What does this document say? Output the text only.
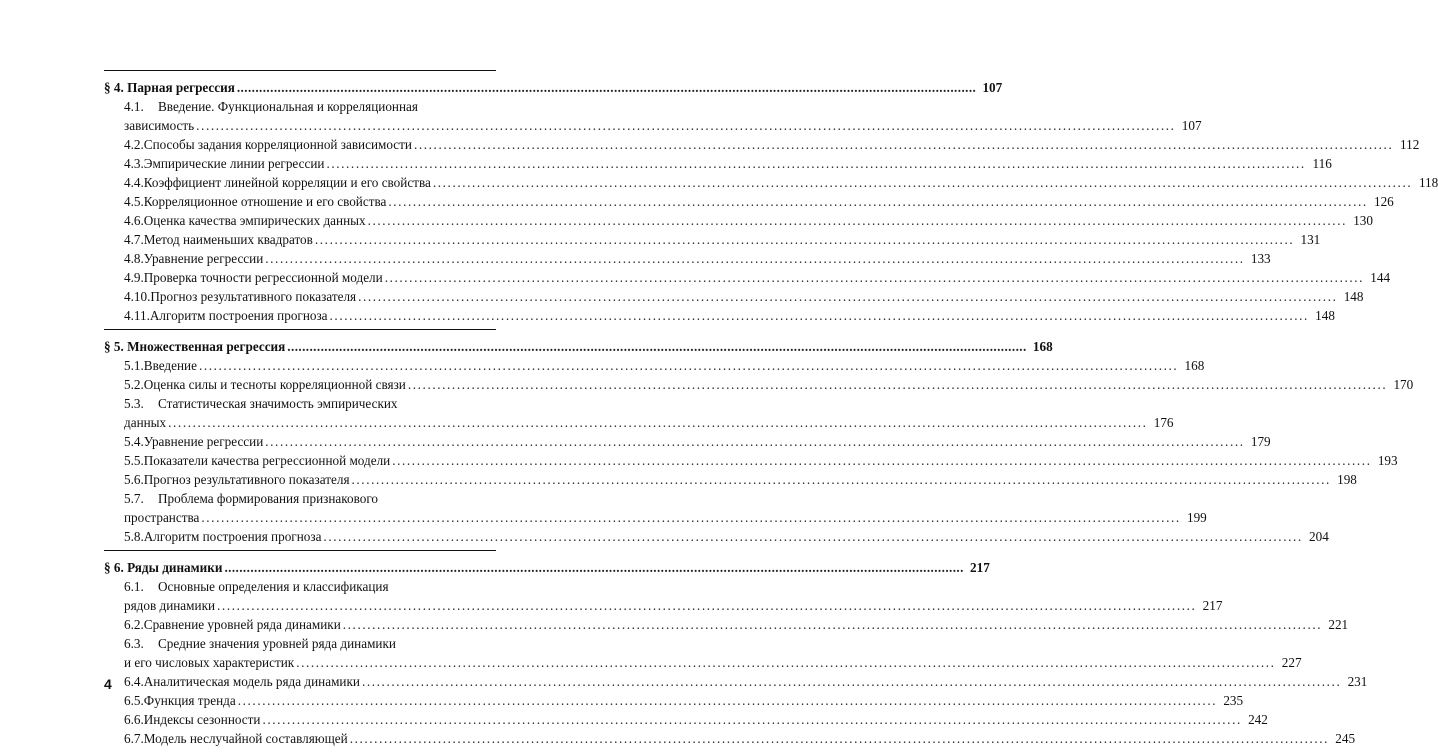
§ 4. Парная регрессия ........................................................................................................................................................................................................ 107
4.1.	Введение. Функциональная и корреляционная
зависимость ........................................................................................................................................................................................................ 107
4.2. Способы задания корреляционной зависимости ........................................................................................................................................................................................................ 112
4.3. Эмпирические линии регрессии ........................................................................................................................................................................................................ 116
4.4. Коэффициент линейной корреляции и его свойства ........................................................................................................................................................................................................ 118
4.5. Корреляционное отношение и его свойства ........................................................................................................................................................................................................ 126
4.6. Оценка качества эмпирических данных ........................................................................................................................................................................................................ 130
4.7. Метод наименьших квадратов ........................................................................................................................................................................................................ 131
4.8. Уравнение регрессии ........................................................................................................................................................................................................ 133
4.9. Проверка точности регрессионной модели ........................................................................................................................................................................................................ 144
4.10. Прогноз результативного показателя ........................................................................................................................................................................................................ 148
4.11. Алгоритм построения прогноза ........................................................................................................................................................................................................ 148
§ 5. Множественная регрессия ........................................................................................................................................................................................................ 168
5.1. Введение ........................................................................................................................................................................................................ 168
5.2. Оценка силы и тесноты корреляционной связи ........................................................................................................................................................................................................ 170
5.3.	Статистическая значимость эмпирических
данных ........................................................................................................................................................................................................ 176
5.4. Уравнение регрессии ........................................................................................................................................................................................................ 179
5.5. Показатели качества регрессионной модели ........................................................................................................................................................................................................ 193
5.6. Прогноз результативного показателя ........................................................................................................................................................................................................ 198
5.7.	Проблема формирования признакового
пространства ........................................................................................................................................................................................................ 199
5.8. Алгоритм построения прогноза ........................................................................................................................................................................................................ 204
§ 6. Ряды динамики ........................................................................................................................................................................................................ 217
6.1.	Основные определения и классификация
рядов динамики ........................................................................................................................................................................................................ 217
6.2. Сравнение уровней ряда динамики ........................................................................................................................................................................................................ 221
6.3.	Средние значения уровней ряда динамики
и его числовых характеристик ........................................................................................................................................................................................................ 227
6.4. Аналитическая модель ряда динамики ........................................................................................................................................................................................................ 231
6.5. Функция тренда ........................................................................................................................................................................................................ 235
6.6. Индексы сезонности ........................................................................................................................................................................................................ 242
6.7. Модель неслучайной составляющей ........................................................................................................................................................................................................ 245
4
